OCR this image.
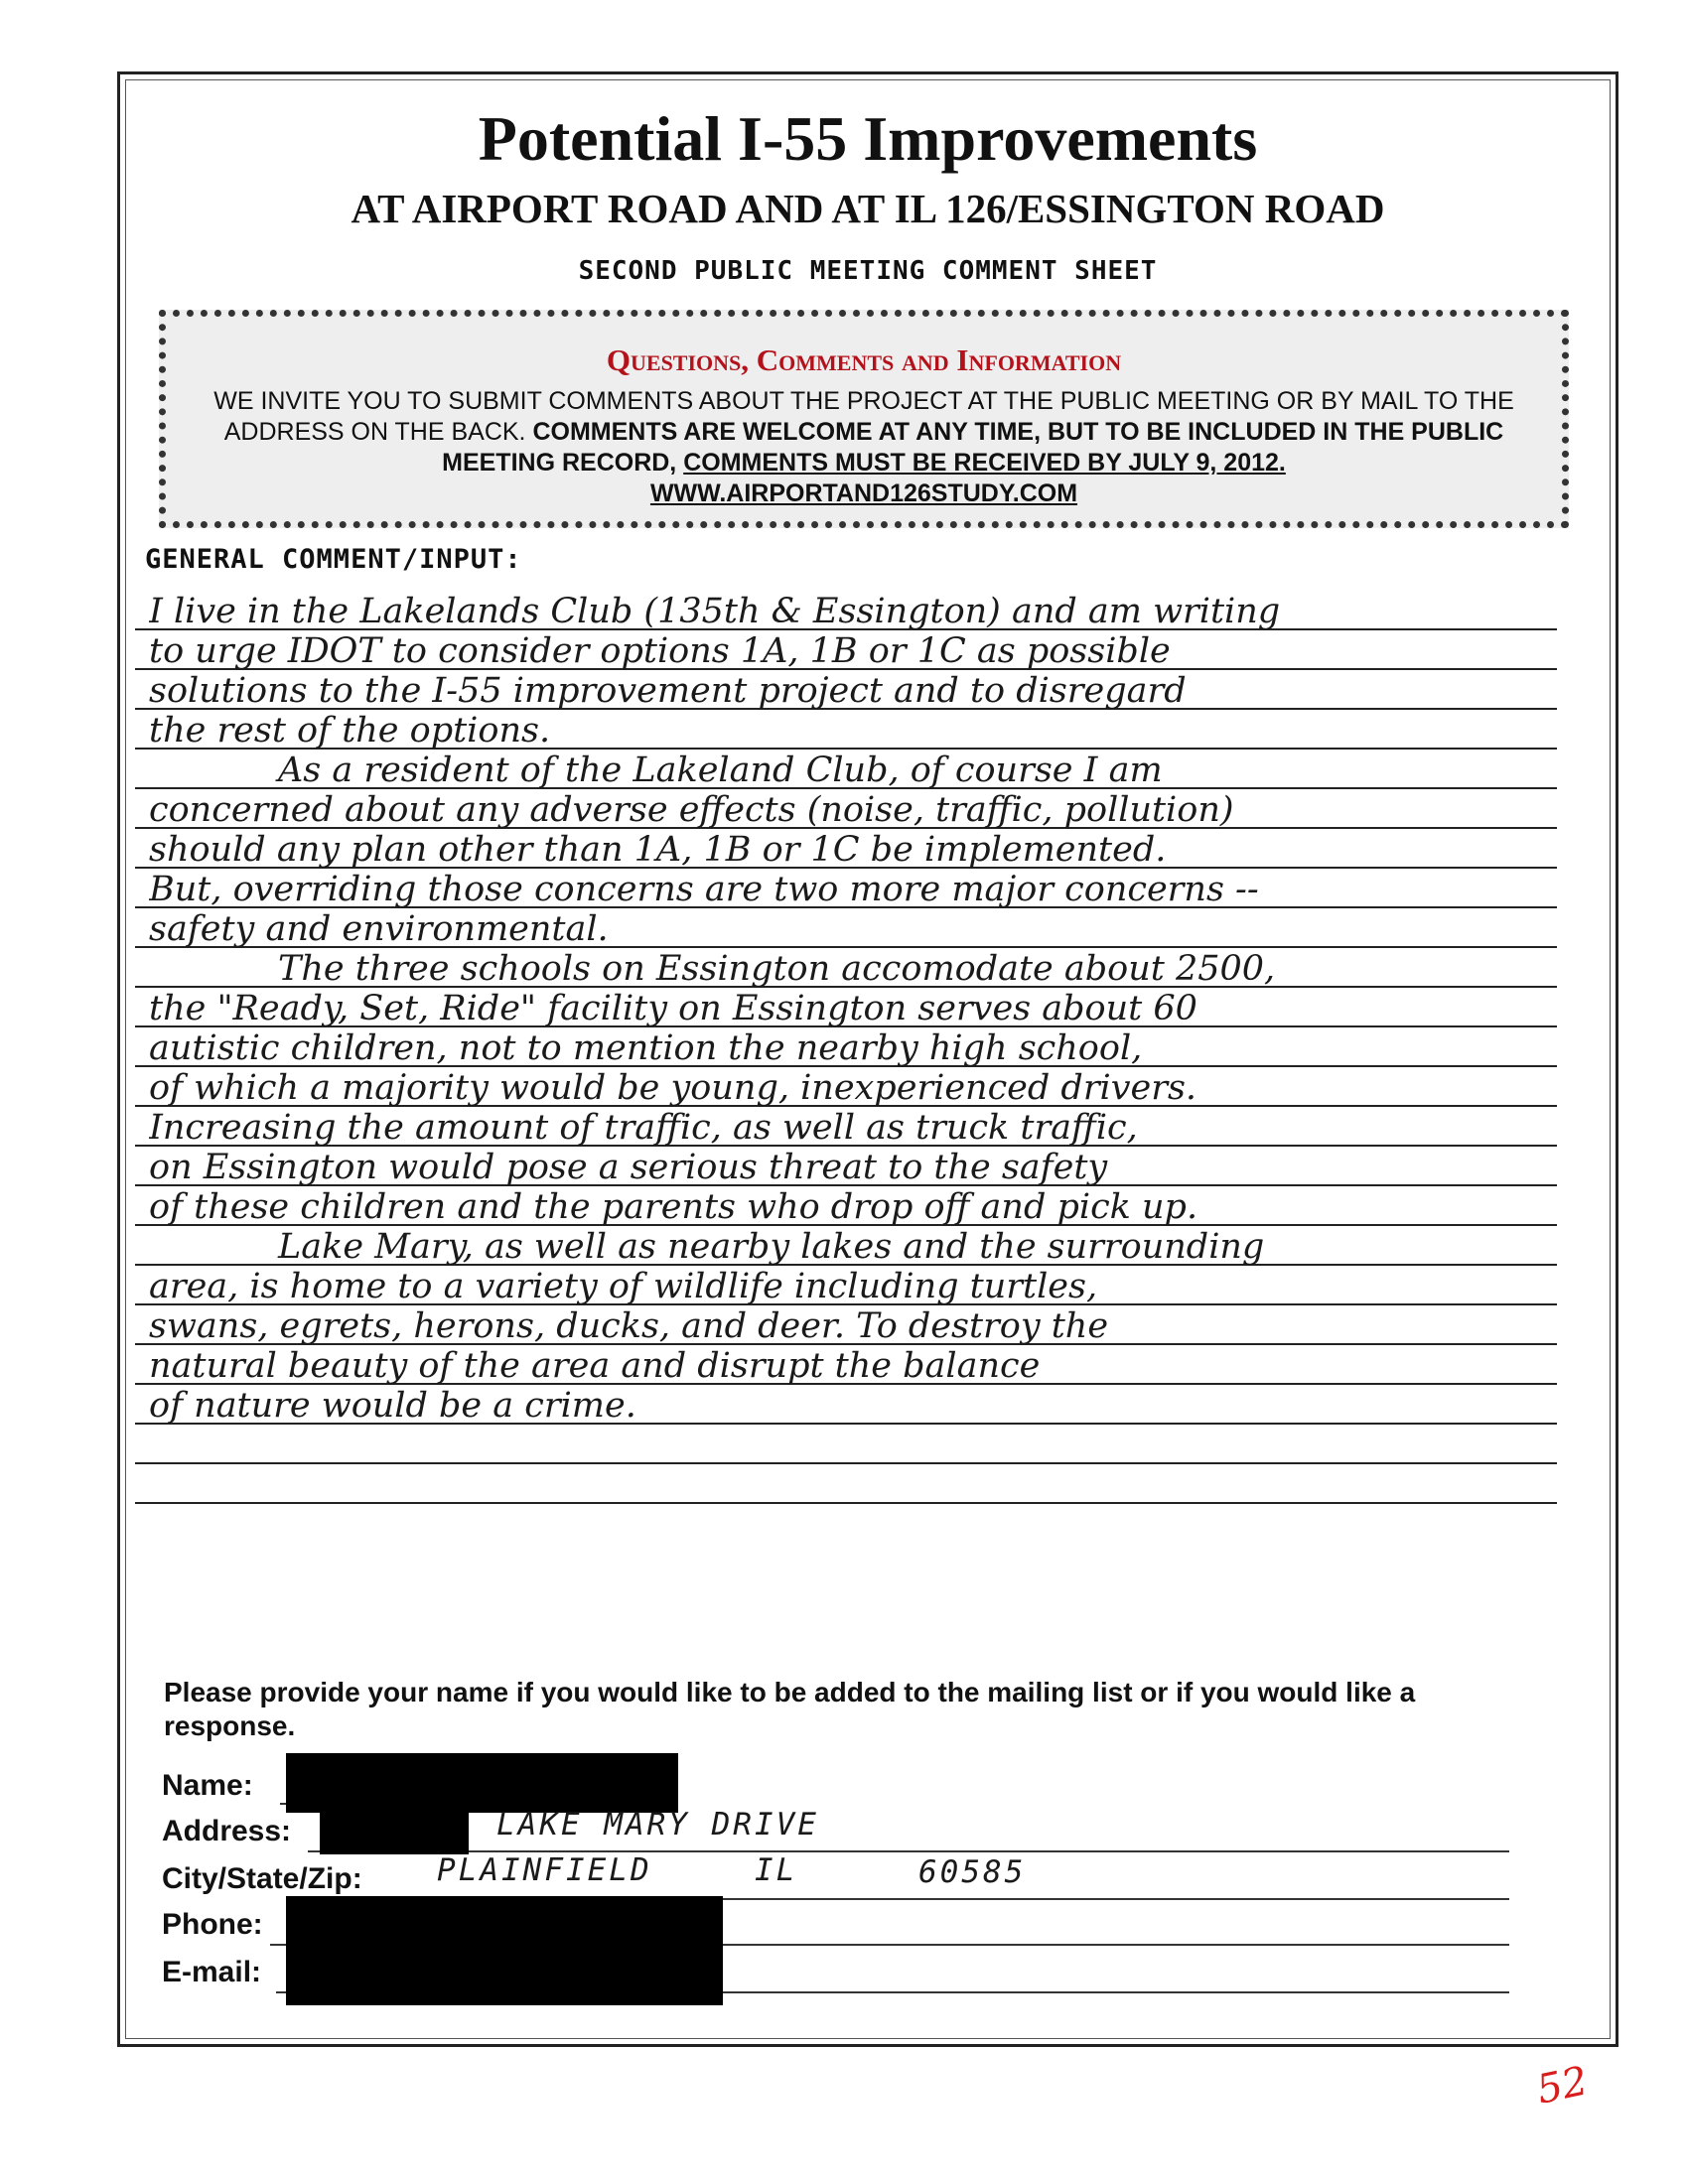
Potential I-55 Improvements
AT AIRPORT ROAD AND AT IL 126/ESSINGTON ROAD
SECOND PUBLIC MEETING COMMENT SHEET
Questions, Comments and Information
WE INVITE YOU TO SUBMIT COMMENTS ABOUT THE PROJECT AT THE PUBLIC MEETING OR BY MAIL TO THE ADDRESS ON THE BACK. COMMENTS ARE WELCOME AT ANY TIME, BUT TO BE INCLUDED IN THE PUBLIC MEETING RECORD, COMMENTS MUST BE RECEIVED BY JULY 9, 2012.
WWW.AIRPORTAND126STUDY.COM
GENERAL COMMENT/INPUT:
I live in the Lakelands Club (135th & Essington) and am writing
to urge IDOT to consider options 1A, 1B or 1C as possible
solutions to the I-55 improvement project and to disregard
the rest of the options.
As a resident of the Lakeland Club, of course I am
concerned about any adverse effects (noise, traffic, pollution)
should any plan other than 1A, 1B or 1C be implemented.
But, overriding those concerns are two more major concerns --
safety and environmental.
The three schools on Essington accomodate about 2500,
the "Ready, Set, Ride" facility on Essington serves about 60
autistic children, not to mention the nearby high school,
of which a majority would be young, inexperienced drivers.
Increasing the amount of traffic, as well as truck traffic,
on Essington would pose a serious threat to the safety
of these children and the parents who drop off and pick up.
Lake Mary, as well as nearby lakes and the surrounding
area, is home to a variety of wildlife including turtles,
swans, egrets, herons, ducks, and deer. To destroy the
natural beauty of the area and disrupt the balance
of nature would be a crime.
Please provide your name if you would like to be added to the mailing list or if you would like a response.
Name:
Address:	LAKE MARY DRIVE
City/State/Zip: PLAINFIELD	IL	60585
Phone:
E-mail:
52
